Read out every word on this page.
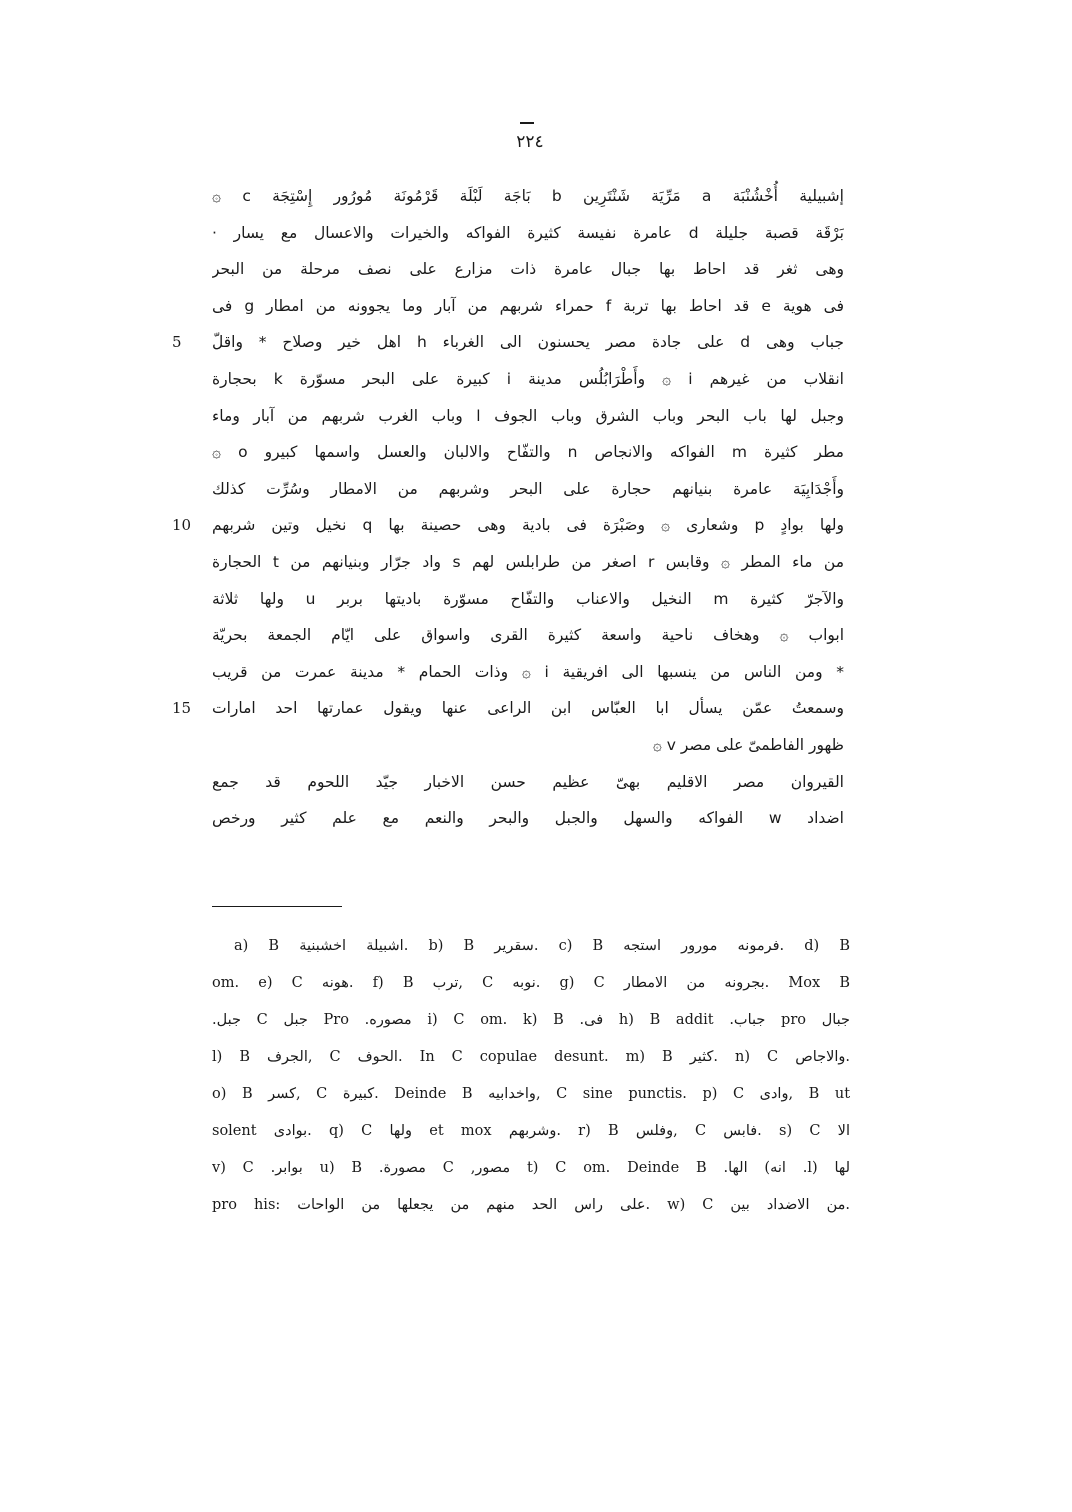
٢٢٤
إشبيلية أُخْشُنْبَة a مَرِّيَة شَنْتَرِين b بَاجَة لَبْلَة قَرْمُونَة مُورُور إِسْتِجَة c ۞
بَرْقَة قصبة جليلة d عامرة نفيسة كثيرة الفواكه والخيرات والاعسال مع يسار ·
وهى ثغر قد احاط بها جبال عامرة ذات مزارع على نصف مرحلة من البحر
فى هوية e قد احاط بها تربة f حمراء شربهم من آبار وما يجوونه من امطار g فى
جباب وهى d على جادة مصر يحسنون الى الغرباء h اهل خير وصلاح * واقلّ
5
انقلاب من غيرهم i ۞ وأَطْرَابُلُس مدينة i كبيرة على البحر مسوّرة k بحجارة
وجبل لها باب البحر وباب الشرق وباب الجوف l وباب الغرب شربهم من آبار وماء
مطر كثيرة m الفواكه والانجاص n والتفّاح والالبان والعسل واسمها كبيرو o ۞
وأَجْدَابِيَة عامرة بنيانهم حجارة على البحر وشربهم من الامطار وسُرِّت كذلك
ولها بوادٍ p وشعارى ۞ وصَبْرَة فى بادية وهى حصينة بها q نخيل وتين شربهم
10
من ماء المطر ۞ وقابس r اصغر من طرابلس لهم s واد جرّار وبنيانهم من t الحجارة
والآجرّ كثيرة m النخيل والاعناب والتفّاح مسوّرة باديتها بربر u ولها ثلاثة
ابواب ۞ وهخاف ناحية واسعة كثيرة القرى واسواق على ايّام الجمعة بحريّة
* ومن الناس من ينسبها الى افريقية i ۞ وذات الحمام * مدينة عمرت من قريب
وسمعتُ عمّن يسأل ابا العبّاس ابن الراعى عنها ويقول عمارتها احد امارات
15
ظهور الفاطمىّ على مصر v ۞
القيروان مصر الاقليم بهىّ عظيم حسن الاخبار جيّد اللحوم قد جمع
اضداد w الفواكه والسهل والجبل والبحر والنعم مع علم كثير ورخص
a) B اشبيلة اخشبنية. b) B سقرير. c) B فرمونه مورور استجه. d) B
om. e) C هونه. f) B ترب, C نوبه. g) C بجرونه من الامطار. Mox B
جبال pro جباب. h) B addit فى. i) C om. k) B مصوره. Pro جبل C جبل.
l) B الجرف, C الحوف. In C copulae desunt. m) B كثير. n) C والاجاص.
o) B كسر, C كبيرة. Deinde B واخدابيه, C sine punctis. p) C وادى, B ut
solent بوادى. q) C ولها et mox وشربهم. r) B وفلس, C فابس. s) C الا
لها (l. انه) الها. t) C om. Deinde B مصور, C مصورة. u) B بوابر. v) C
pro his: على راس الحد منهم من يجعلها من الواحات. w) C من الاضداد بين.
